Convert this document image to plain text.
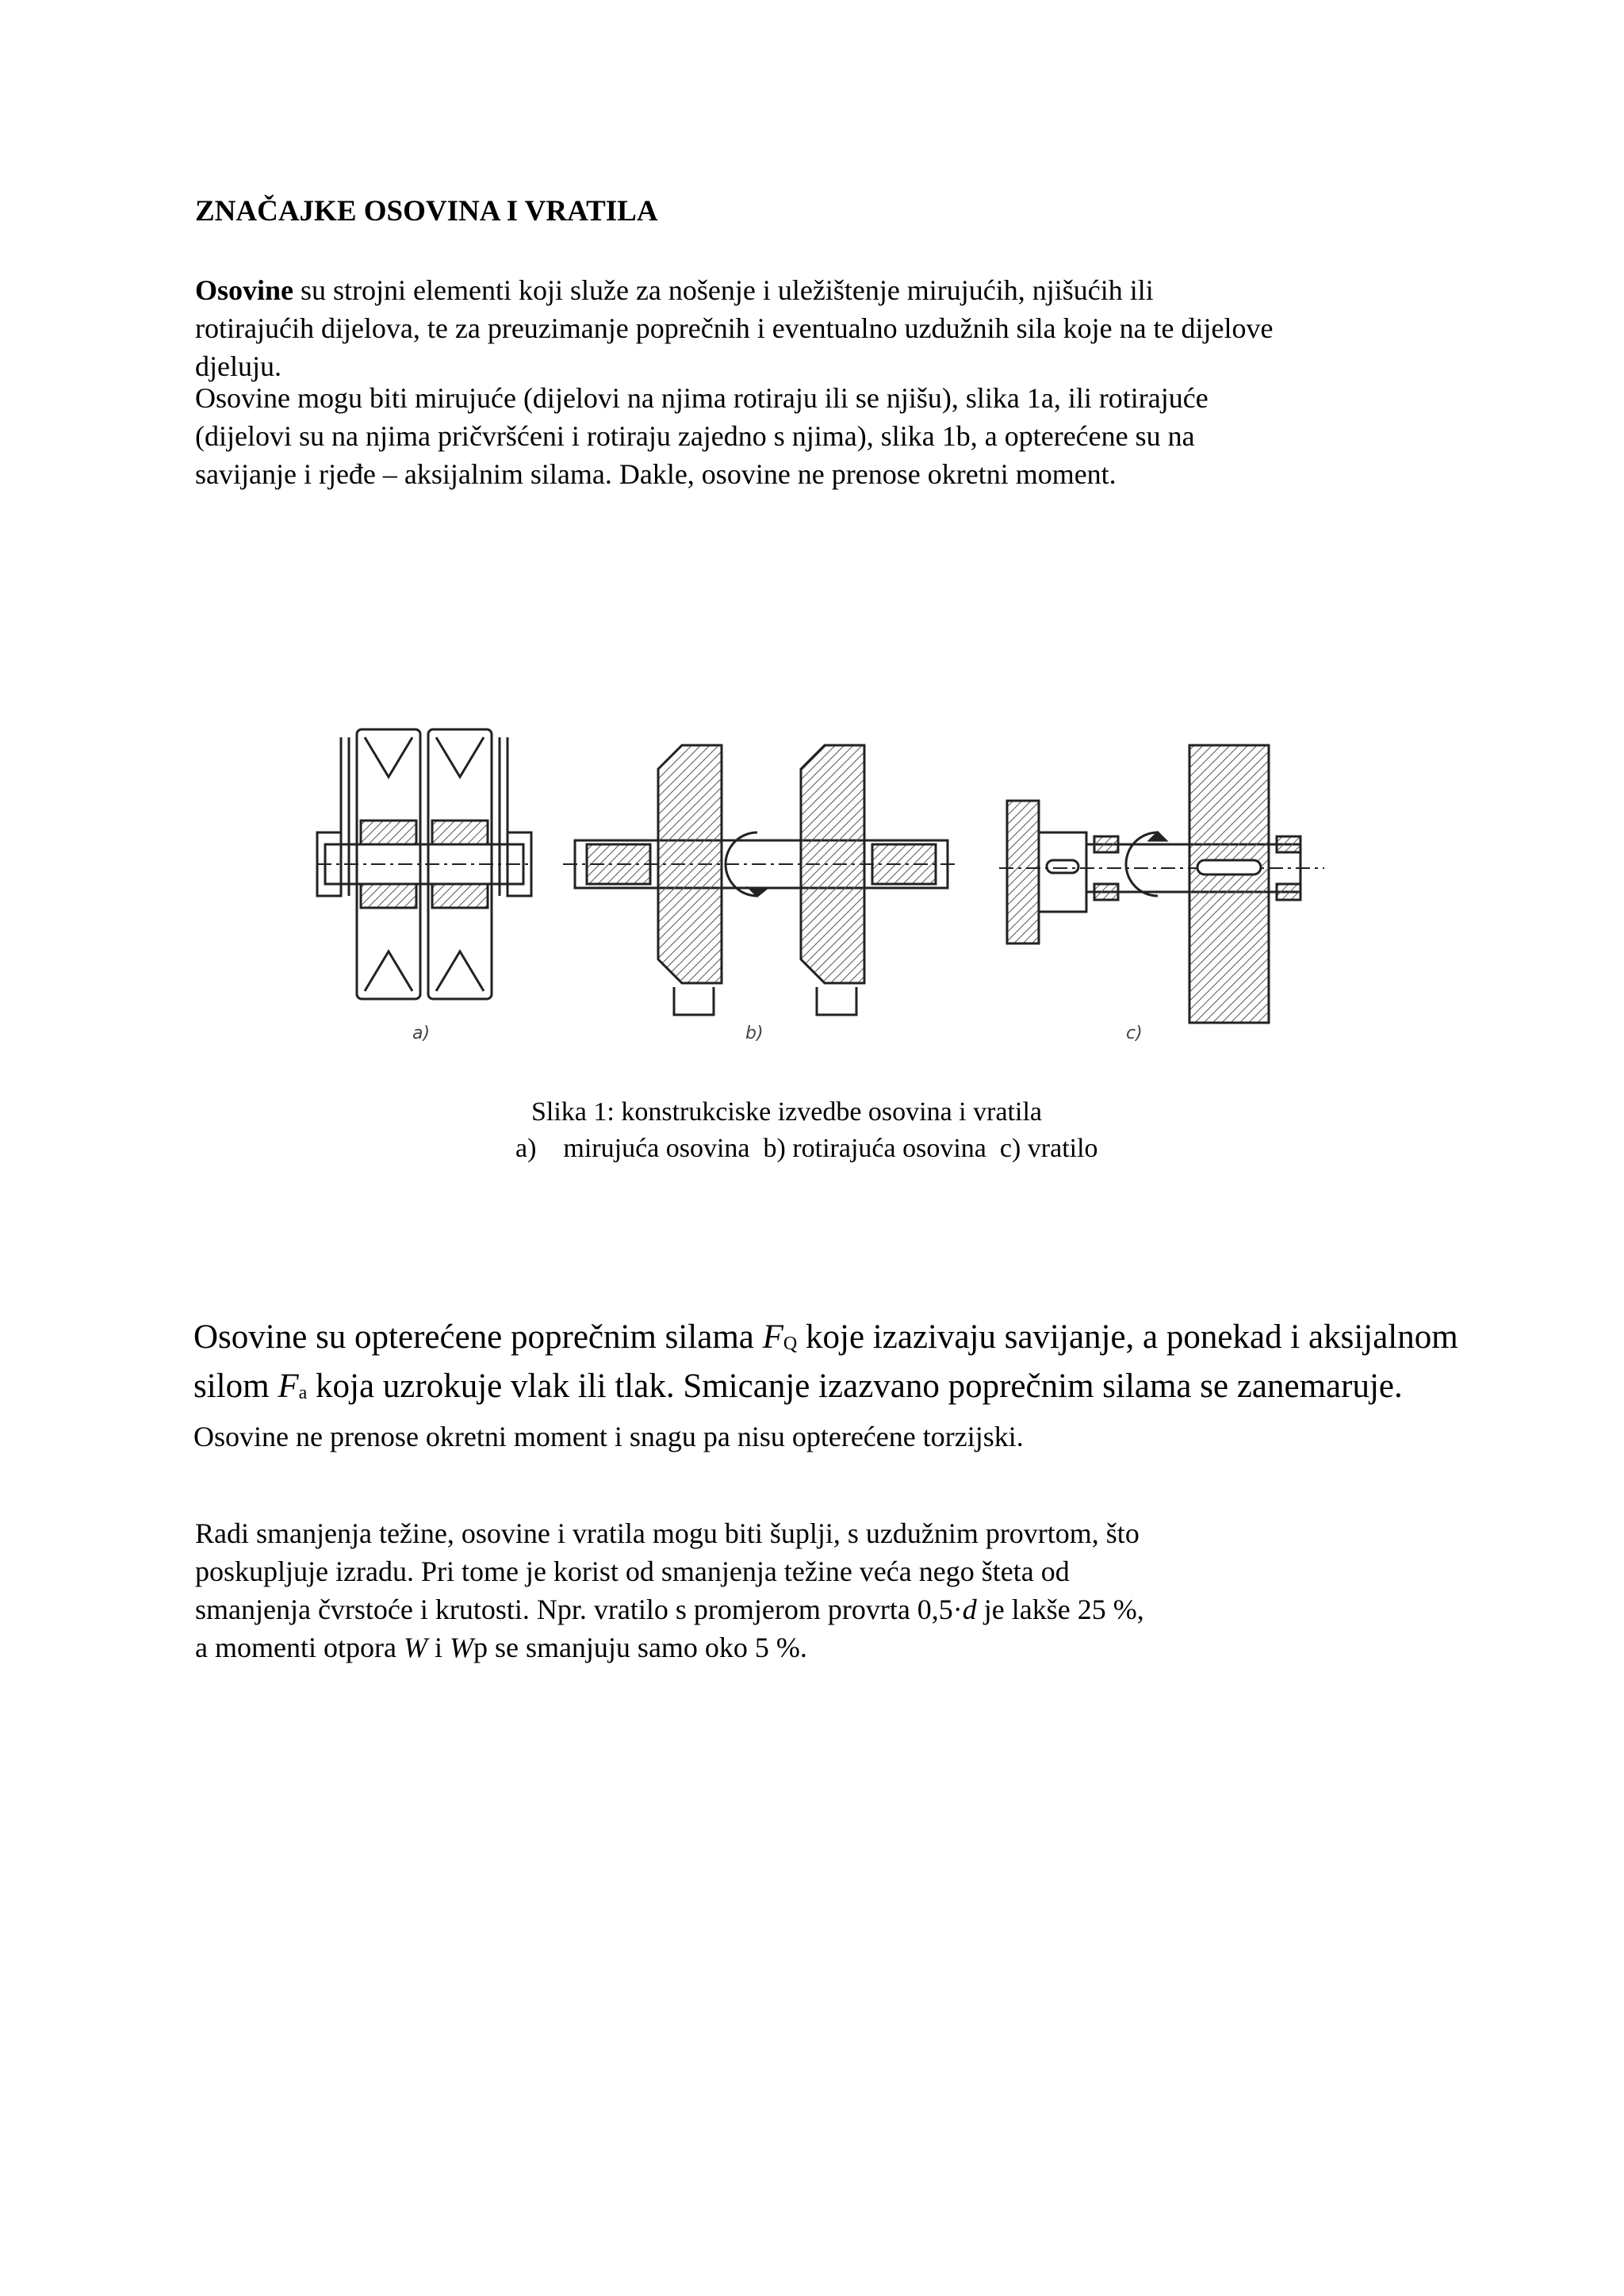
ZNAČAJKE OSOVINA I VRATILA
Osovine su strojni elementi koji služe za nošenje i uležištenje mirujućih, njišućih ili
rotirajućih dijelova, te za preuzimanje poprečnih i eventualno uzdužnih sila koje na te dijelove
djeluju.
Osovine mogu biti mirujuće (dijelovi na njima rotiraju ili se njišu), slika 1a, ili rotirajuće
(dijelovi su na njima pričvršćeni i rotiraju zajedno s njima), slika 1b, a opterećene su na
savijanje i rjeđe – aksijalnim silama. Dakle, osovine ne prenose okretni moment.
a)	b)	c)
Slika 1: konstrukciske izvedbe osovina i vratila
a)    mirujuća osovina  b) rotirajuća osovina  c) vratilo
Osovine su opterećene poprečnim silama $F_Q$ koje izazivaju savijanje, a ponekad i aksijalnom silom $F_a$ koja uzrokuje vlak ili tlak. Smicanje izazvano poprečnim silama se zanemaruje. Osovine ne prenose okretni moment i snagu pa nisu opterećene torzijski.
Radi smanjenja težine, osovine i vratila mogu biti šuplji, s uzdužnim provrtom, što
poskupljuje izradu. Pri tome je korist od smanjenja težine veća nego šteta od
smanjenja čvrstoće i krutosti. Npr. vratilo s promjerom provrta 0,5·d je lakše 25 %,
a momenti otpora W i Wp se smanjuju samo oko 5 %.
